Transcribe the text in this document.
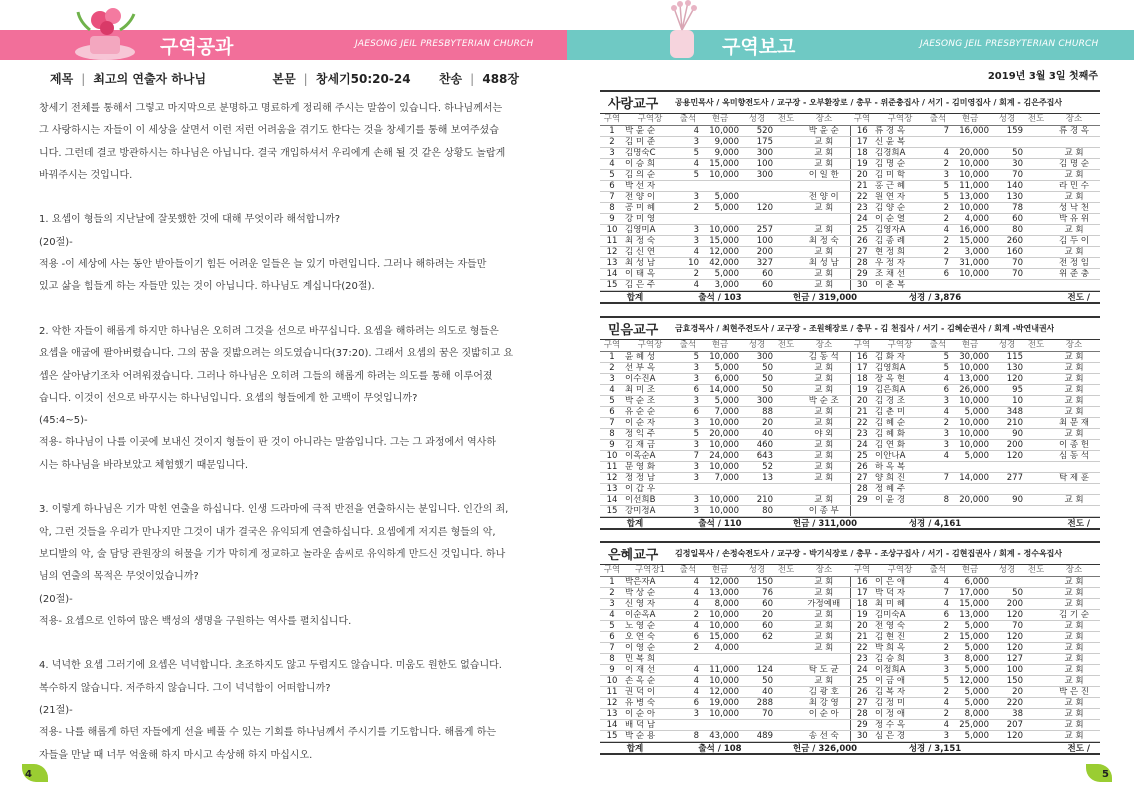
구역공과	JAESONG JEIL PRESBYTERIAN CHURCH	구역보고	JAESONG JEIL PRESBYTERIAN CHURCH
제목 | 최고의 연출자 하나님	본문 | 창세기50:20-24 찬송 | 488장

창세기 전체를 통해서 그렇고 마지막으로 분명하고 명료하게 정리해 주시는 말씀이 있습니다. 하나님께서는

그 사랑하시는 자들이 이 세상을 살면서 이런 저런 어려움을 겪기도 한다는 것을 창세기를 통해 보여주셨습

니다. 그런데 결코 방관하시는 하나님은 아닙니다. 결국 개입하셔서 우리에게 손해 될 것 같은 상황도 놀랍게

바꿔주시는 것입니다.

1. 요셉이 형들의 지난날에 잘못했한 것에 대해 무엇이라 해석합니까?

(20절)-

적용 -이 세상에 사는 동안 받아들이기 힘든 어려운 일들은 늘 있기 마련입니다. 그러나 해하려는 자들만

있고 삶을 힘들게 하는 자들만 있는 것이 아닙니다. 하나님도 계십니다(20절).

2. 악한 자들이 해롭게 하지만 하나님은 오히려 그것을 선으로 바꾸십니다. 요셉을 해하려는 의도로 형들은

요셉을 애굽에 팔아버렸습니다. 그의 꿈을 짓밟으려는 의도였습니다(37:20). 그래서 요셉의 꿈은 짓밟히고 요

셉은 살아남기조차 어려워졌습니다. 그러나 하나님은 오히려 그들의 해롭게 하려는 의도를 통해 이루어졌

습니다. 이것이 선으로 바꾸시는 하나님입니다. 요셉의 형들에게 한 고백이 무엇입니까?

(45:4~5)-

적용- 하나님이 나를 이곳에 보내신 것이지 형들이 판 것이 아니라는 말씀입니다. 그는 그 과정에서 역사하

시는 하나님을 바라보았고 체험했기 때문입니다.

3. 이렇게 하나님은 기가 막힌 연출을 하십니다. 인생 드라마에 극적 반전을 연출하시는 분입니다. 인간의 죄,

악, 그런 것들을 우리가 만나지만 그것이 내가 결국은 유익되게 연출하십니다. 요셉에게 저지른 형들의 악,

보디발의 악, 술 담당 관원장의 허물을 기가 막히게 정교하고 놀라운 솜씨로 유익하게 만드신 것입니다. 하나

님의 연출의 목적은 무엇이었습니까?

(20절)-

적용- 요셉으로 인하여 많은 백성의 생명을 구원하는 역사를 펼치십니다.

4. 넉넉한 요셉 그러기에 요셉은 넉넉합니다. 초조하지도 않고 두렵지도 않습니다. 미움도 원한도 없습니다.

복수하지 않습니다. 저주하지 않습니다. 그이 넉넉함이 어떠합니까?

(21절)-

적용- 나를 해롭게 하던 자들에게 선을 베풀 수 있는 기회를 하나님께서 주시기를 기도합니다. 해롭게 하는

자들을 만날 때 너무 억울해 하지 마시고 속상해 하지 마십시오.

2019년 3월 3일 첫째주
사랑교구	공용민목사 / 옥미향전도사 / 교구장 - 오부환장로 / 총무 - 위준충집사 / 서기 - 김미영집사 / 회계 - 김은주집사
구역	구역장	출석	현금	성경	전도	장소	구역	구역장	출석	현금	성경	전도	장소
1	박 윤 순	4	10,000	520		박 윤 순	16	류 경 옥	7	16,000	159		류 경 옥
2	김 미 준	3	9,000	175		교 회	17	신 윤 복					
3	김명숙C	5	9,000	300		교 회	18	김경희A	4	20,000	50		교 회
4	이 승 희	4	15,000	100		교 회	19	김 명 순	2	10,000	30		김 명 순
5	김 의 순	5	10,000	300		이 일 한	20	김 미 학	3	10,000	70		교 회
6	박 선 자						21	홍 근 혜	5	11,000	140		라 민 수
7	전 양 이	3	5,000			전 양 이	22	원 연 자	5	13,000	130		교 회
8	공 미 혜	2	5,000	120		교 회	23	김 양 순	2	10,000	78		성 낙 천
9	강 미 영						24	이 순 열	2	4,000	60		박 유 위
10	김영미A	3	10,000	257		교 회	25	김영자A	4	16,000	80		교 회
11	최 정 숙	3	15,000	100		최 정 숙	26	김 종 례	2	15,000	260		김 두 이
12	김 신 연	4	12,000	200		교 회	27	현 정 희	2	3,000	160		교 회
13	최 성 남	10	42,000	327		최 성 남	28	우 정 자	7	31,000	70		전 정 임
14	이 태 옥	2	5,000	60		교 회	29	조 채 선	6	10,000	70		위 준 충
15	김 은 주	4	3,000	60		교 회	30	이 춘 복					
합계	출석 / 103	헌금 / 319,000	성경 / 3,876	전도 /
믿음교구	금효경목사 / 최현주전도사 / 교구장 - 조원해장로 / 총무 - 김 천집사 / 서기 - 김혜순권사 / 회계 -박연내권사
구역	구역장	출석	현금	성경	전도	장소	구역	구역장	출석	현금	성경	전도	장소
1	윤 혜 성	5	10,000	300		김 동 석	16	김 화 자	5	30,000	115		교 회
2	선 부 옥	3	5,000	50		교 회	17	김영희A	5	10,000	130		교 회
3	이수진A	3	6,000	50		교 회	18	장 옥 현	4	13,000	120		교 회
4	최 미 조	6	14,000	50		교 회	19	김은희A	6	26,000	95		교 회
5	박 순 조	3	5,000	300		박 순 조	20	김 경 조	3	10,000	10		교 회
6	유 순 순	6	7,000	88		교 회	21	김 춘 미	4	5,000	348		교 회
7	이 순 자	3	10,000	20		교 회	22	김 혜 순	2	10,000	210		최 문 재
8	정 익 주	5	20,000	40		야 외	23	김 혜 화	3	10,000	90		교 회
9	김 재 금	3	10,000	460		교 회	24	김 연 화	3	10,000	200		이 종 헌
10	이옥순A	7	24,000	643		교 회	25	이안나A	4	5,000	120		심 동 석
11	문 영 화	3	10,000	52		교 회	26	하 옥 복					
12	정 정 남	3	7,000	13		교 회	27	양 희 진	7	14,000	277		탁 제 훈
13	이 갑 우						28	정 혜 주					
14	이선희B	3	10,000	210		교 회	29	이 윤 경	8	20,000	90		교 회
15	강미정A	3	10,000	80		이 종 부							
합계	출석 / 110	헌금 / 311,000	성경 / 4,161	전도 /
은혜교구	김정일목사 / 손정숙전도사 / 교구장 - 박기식장로 / 총무 - 조상구집사 / 서기 - 김현집권사 / 회계 - 정수옥집사
구역	구역장1	출석	현금	성경	전도	장소	구역	구역장	출석	현금	성경	전도	장소
1	박은자A	4	12,000	150		교 회	16	이 은 애	4	6,000			교 회
2	박 상 순	4	13,000	76		교 회	17	박 덕 자	7	17,000	50		교 회
3	신 영 자	4	8,000	60		가정예배	18	최 미 혜	4	15,000	200		교 회
4	이순옥A	2	10,000	20		교 회	19	김미숙A	6	13,000	120		김 기 순
5	노 영 순	4	10,000	60		교 회	20	전 영 숙	2	5,000	70		교 회
6	오 연 숙	6	15,000	62		교 회	21	김 현 진	2	15,000	120		교 회
7	이 영 순	2	4,000			교 회	22	박 희 옥	2	5,000	120		교 회
8	민 복 희						23	김 승 희	3	8,000	127		교 회
9	이 재 선	4	11,000	124		탁 도 균	24	이정희A	3	5,000	100		교 회
10	손 옥 순	4	10,000	50		교 회	25	이 금 애	5	12,000	150		교 회
11	권 덕 이	4	12,000	40		김 광 호	26	김 복 자	2	5,000	20		박 은 진
12	유 병 숙	6	19,000	288		최 강 영	27	김 정 미	4	5,000	220		교 회
13	이 순 아	3	10,000	70		이 순 아	28	이 정 애	2	8,000	38		교 회
14	배 덕 남						29	정 수 옥	4	25,000	207		교 회
15	박 순 용	8	43,000	489		송 선 숙	30	심 은 경	3	5,000	120		교 회
합계	출석 / 108	헌금 / 326,000	성경 / 3,151	전도 /
4	5
